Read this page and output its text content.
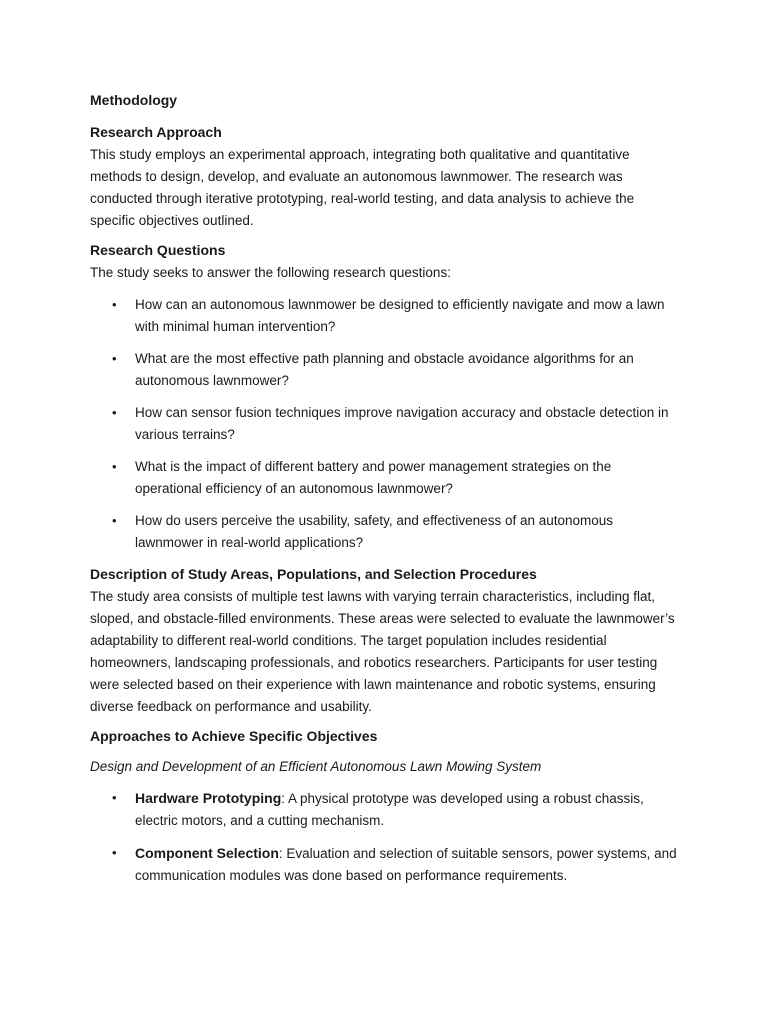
Methodology
Research Approach

This study employs an experimental approach, integrating both qualitative and quantitative methods to design, develop, and evaluate an autonomous lawnmower. The research was conducted through iterative prototyping, real-world testing, and data analysis to achieve the specific objectives outlined.

Research Questions

The study seeks to answer the following research questions:

• How can an autonomous lawnmower be designed to efficiently navigate and mow a lawn with minimal human intervention?
• What are the most effective path planning and obstacle avoidance algorithms for an autonomous lawnmower?
• How can sensor fusion techniques improve navigation accuracy and obstacle detection in various terrains?
• What is the impact of different battery and power management strategies on the operational efficiency of an autonomous lawnmower?
• How do users perceive the usability, safety, and effectiveness of an autonomous lawnmower in real-world applications?
Description of Study Areas, Populations, and Selection Procedures

The study area consists of multiple test lawns with varying terrain characteristics, including flat, sloped, and obstacle-filled environments. These areas were selected to evaluate the lawnmower’s adaptability to different real-world conditions. The target population includes residential homeowners, landscaping professionals, and robotics researchers. Participants for user testing were selected based on their experience with lawn maintenance and robotic systems, ensuring diverse feedback on performance and usability.

Approaches to Achieve Specific Objectives

Design and Development of an Efficient Autonomous Lawn Mowing System

• Hardware Prototyping: A physical prototype was developed using a robust chassis, electric motors, and a cutting mechanism.
• Component Selection: Evaluation and selection of suitable sensors, power systems, and communication modules was done based on performance requirements.
